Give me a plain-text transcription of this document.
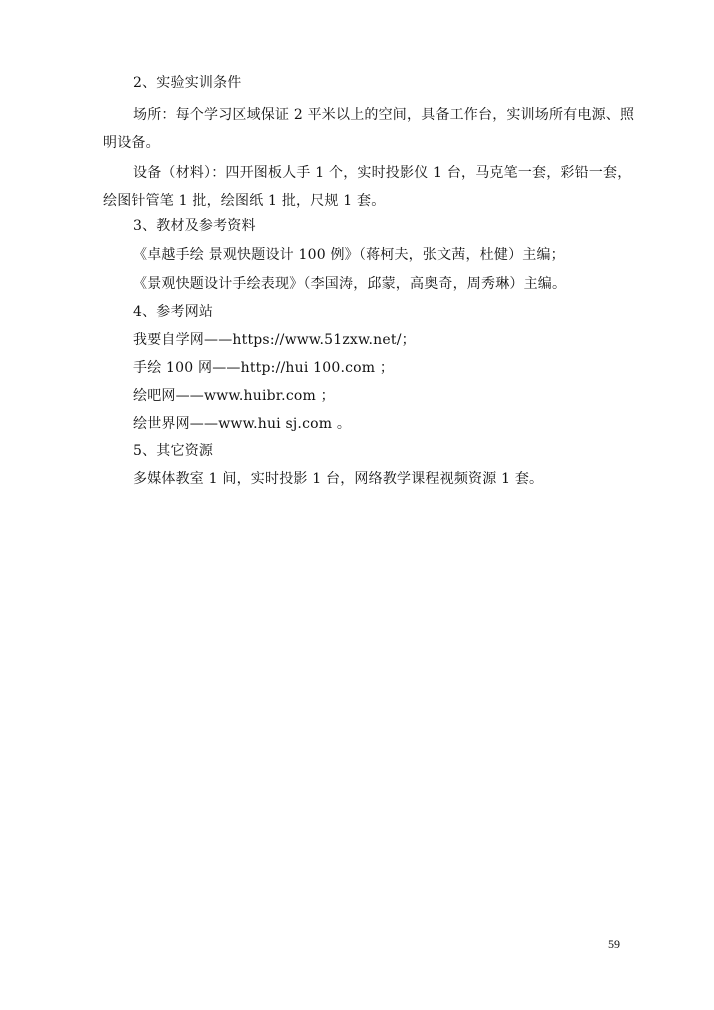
2、实验实训条件
场所：每个学习区域保证 2 平米以上的空间，具备工作台，实训场所有电源、照
明设备。
设备（材料）：四开图板人手 1 个，实时投影仪 1 台，马克笔一套，彩铅一套，
绘图针管笔 1 批，绘图纸 1 批，尺规 1 套。
3、教材及参考资料
《卓越手绘 景观快题设计 100 例》（蒋柯夫，张文茜，杜健）主编；
《景观快题设计手绘表现》（李国涛，邱蒙，高奥奇，周秀琳）主编。
4、参考网站
我要自学网——https://www.51zxw.net/；
手绘 100 网——http://hui 100.com ；
绘吧网——www.huibr.com ；
绘世界网——www.hui sj.com 。
5、其它资源
多媒体教室 1 间，实时投影 1 台，网络教学课程视频资源 1 套。
59
